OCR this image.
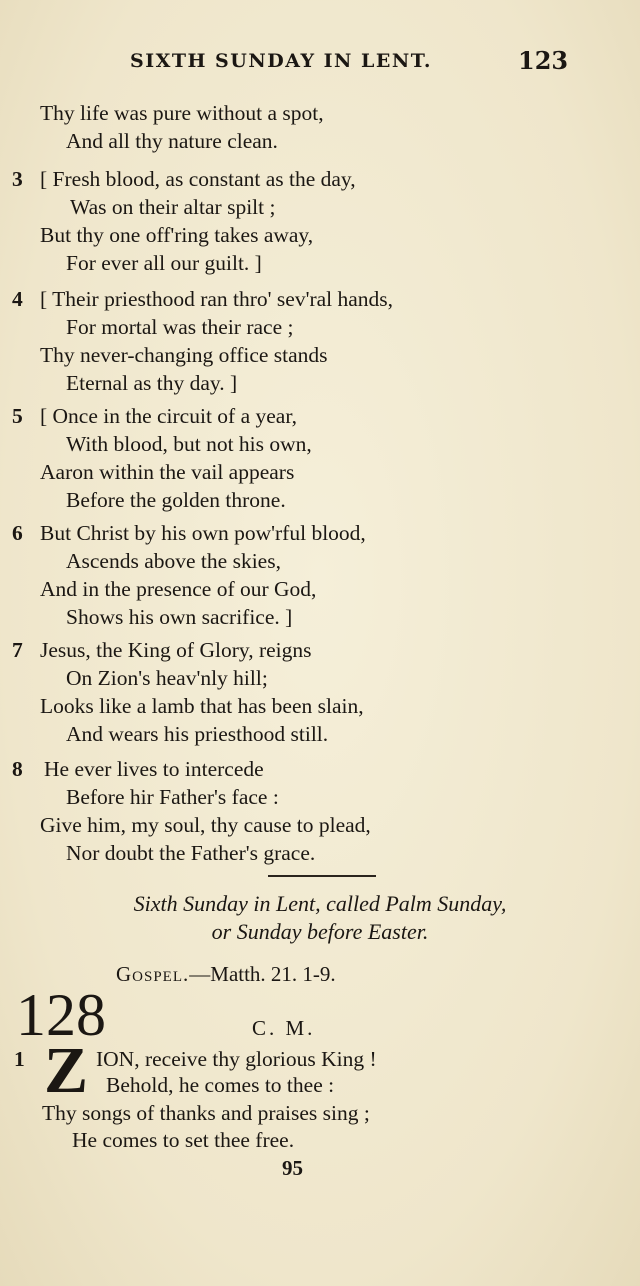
SIXTH SUNDAY IN LENT.	123
Thy life was pure without a spot,
And all thy nature clean.
3 [ Fresh blood, as constant as the day,
Was on their altar spilt ;
But thy one off'ring takes away,
For ever all our guilt. ]
4 [ Their priesthood ran thro' sev'ral hands,
For mortal was their race ;
Thy never-changing office stands
Eternal as thy day. ]
5 [ Once in the circuit of a year,
With blood, but not his own,
Aaron within the vail appears
Before the golden throne.
6 But Christ by his own pow'rful blood,
Ascends above the skies,
And in the presence of our God,
Shows his own sacrifice. ]
7 Jesus, the King of Glory, reigns
On Zion's heav'nly hill;
Looks like a lamb that has been slain,
And wears his priesthood still.
8 He ever lives to intercede
Before hir Father's face :
Give him, my soul, thy cause to plead,
Nor doubt the Father's grace.
Sixth Sunday in Lent, called Palm Sunday,
or Sunday before Easter.
Gospel.—Matth. 21. 1-9.
128	C. M.
1 Z ION, receive thy glorious King !
Behold, he comes to thee :
Thy songs of thanks and praises sing ;
He comes to set thee free.
95
